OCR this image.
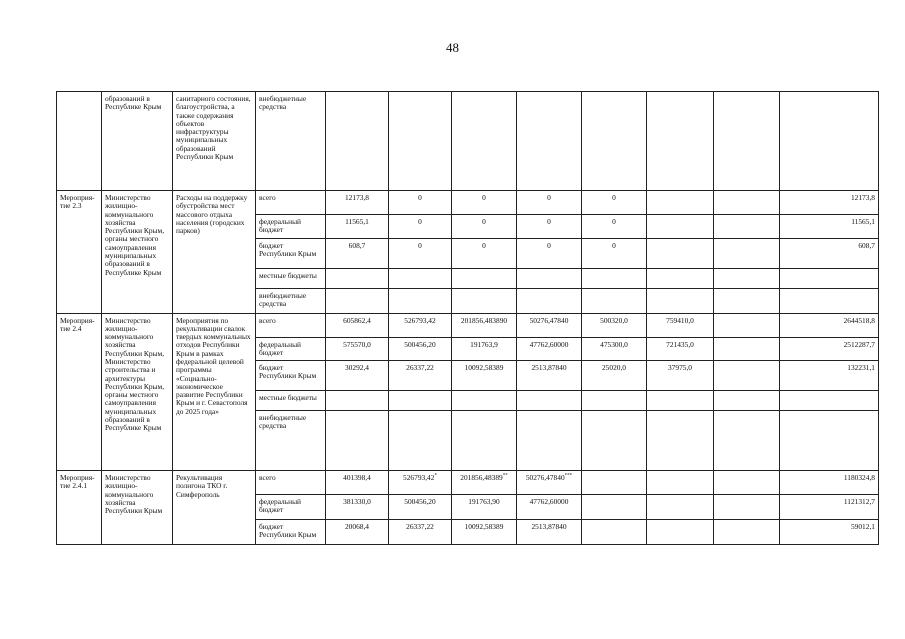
48
	образований в Республике Крым	санитарного состояния, благоустройства, а также содержания объектов инфраструктуры муниципальных образований Республики Крым	внебюджетные средства								
Мероприя-тие 2.3	Министерство жилищно-коммунального хозяйства Республики Крым, органы местного самоуправления муниципальных образований в Республике Крым	Расходы на поддержку обустройства мест массового отдыха населения (городских парков)	всего	12173,8	0	0	0	0			12173,8
			федеральный бюджет	11565,1	0	0	0	0			11565,1
			бюджет Республики Крым	608,7	0	0	0	0			608,7
			местные бюджеты								
			внебюджетные средства								
Мероприя-тие 2.4	Министерство жилищно-коммунального хозяйства Республики Крым, Министерство строительства и архитектуры Республики Крым, органы местного самоуправления муниципальных образований в Республике Крым	Мероприятия по рекультивации свалок твердых коммунальных отходов Республики Крым в рамках федеральной целевой программы «Социально-экономическое развитие Республики Крым и г. Севастополя до 2025 года»	всего	605862,4	526793,42	201856,483890	50276,47840	500320,0	759410,0		2644518,8
			федеральный бюджет	575570,0	500456,20	191763,9	47762,60000	475300,0	721435,0		2512287,7
			бюджет Республики Крым	30292,4	26337,22	10092,58389	2513,87840	25020,0	37975,0		132231,1
			местные бюджеты								
			внебюджетные средства								
Мероприя-тие 2.4.1	Министерство жилищно-коммунального хозяйства Республики Крым	Рекультивация полигона ТКО г. Симферополь	всего	401398,4	526793,42*	201856,48389**	50276,47840***				1180324,8
			федеральный бюджет	381330,0	500456,20	191763,90	47762,60000				1121312,7
			бюджет Республики Крым	20068,4	26337,22	10092,58389	2513,87840				59012,1
